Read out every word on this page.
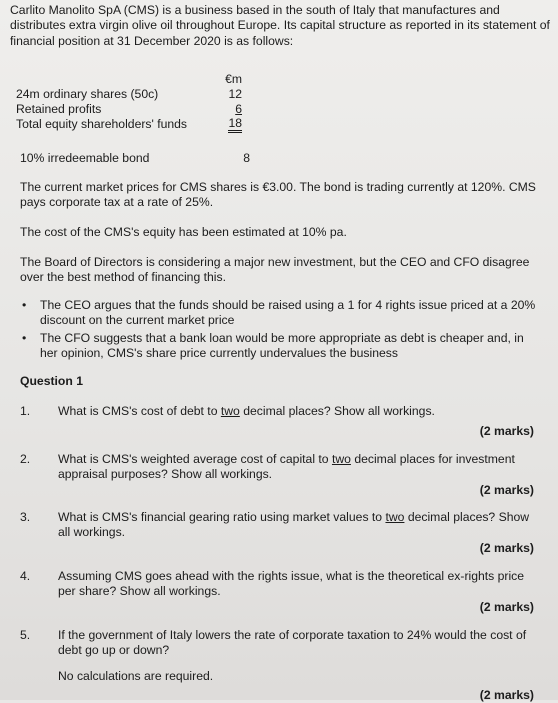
Carlito Manolito SpA (CMS) is a business based in the south of Italy that manufactures and distributes extra virgin olive oil throughout Europe. Its capital structure as reported in its statement of financial position at 31 December 2020 is as follows:
€m
24m ordinary shares (50c)	12
Retained profits	6
Total equity shareholders' funds	18
10% irredeemable bond	8
The current market prices for CMS shares is €3.00. The bond is trading currently at 120%. CMS pays corporate tax at a rate of 25%.
The cost of the CMS's equity has been estimated at 10% pa.
The Board of Directors is considering a major new investment, but the CEO and CFO disagree over the best method of financing this.
• The CEO argues that the funds should be raised using a 1 for 4 rights issue priced at a 20% discount on the current market price
• The CFO suggests that a bank loan would be more appropriate as debt is cheaper and, in her opinion, CMS's share price currently undervalues the business
Question 1
1. What is CMS's cost of debt to two decimal places? Show all workings.
(2 marks)
2. What is CMS's weighted average cost of capital to two decimal places for investment appraisal purposes? Show all workings.
(2 marks)
3. What is CMS's financial gearing ratio using market values to two decimal places? Show all workings.
(2 marks)
4. Assuming CMS goes ahead with the rights issue, what is the theoretical ex-rights price per share? Show all workings.
(2 marks)
5. If the government of Italy lowers the rate of corporate taxation to 24% would the cost of debt go up or down?
No calculations are required.
(2 marks)
